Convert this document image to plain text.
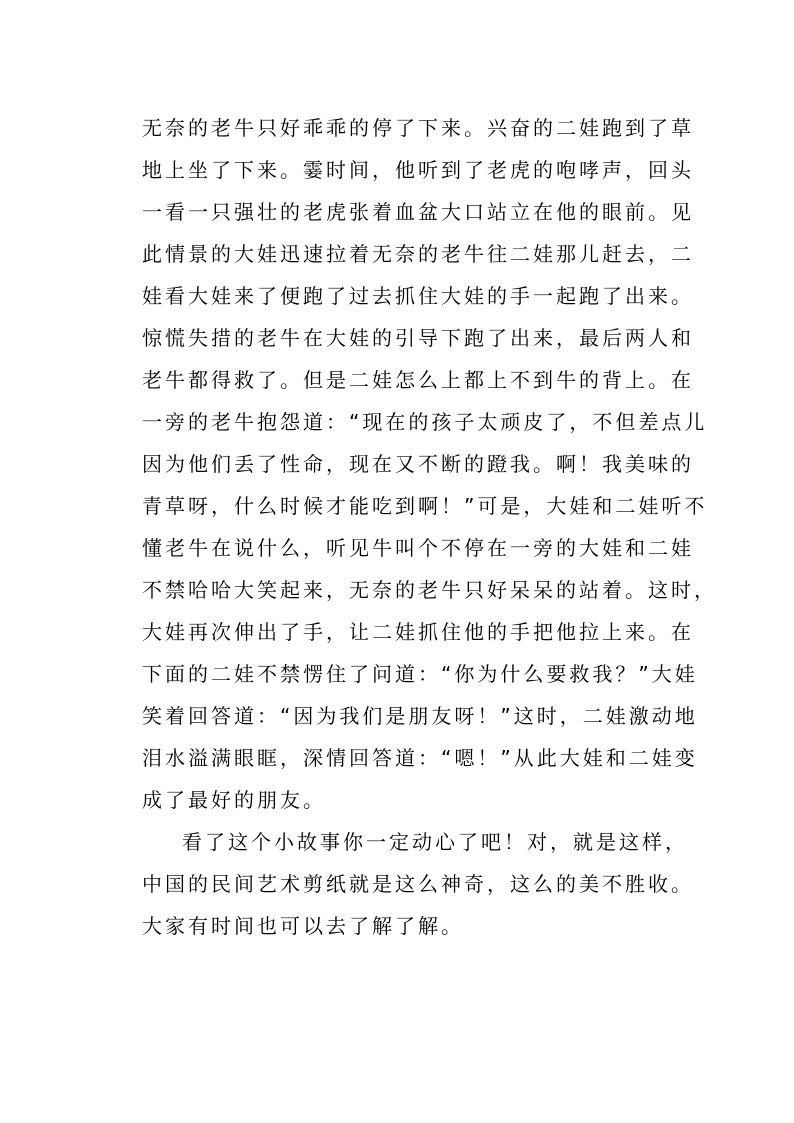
无奈的老牛只好乖乖的停了下来。兴奋的二娃跑到了草
地上坐了下来。霎时间，他听到了老虎的咆哮声，回头
一看一只强壮的老虎张着血盆大口站立在他的眼前。见
此情景的大娃迅速拉着无奈的老牛往二娃那儿赶去，二
娃看大娃来了便跑了过去抓住大娃的手一起跑了出来。
惊慌失措的老牛在大娃的引导下跑了出来，最后两人和
老牛都得救了。但是二娃怎么上都上不到牛的背上。在
一旁的老牛抱怨道：“现在的孩子太顽皮了，不但差点儿
因为他们丢了性命，现在又不断的蹬我。啊！我美味的
青草呀，什么时候才能吃到啊！”可是，大娃和二娃听不
懂老牛在说什么，听见牛叫个不停在一旁的大娃和二娃
不禁哈哈大笑起来，无奈的老牛只好呆呆的站着。这时，
大娃再次伸出了手，让二娃抓住他的手把他拉上来。在
下面的二娃不禁愣住了问道：“你为什么要救我？”大娃
笑着回答道：“因为我们是朋友呀！”这时，二娃激动地
泪水溢满眼眶，深情回答道：“嗯！”从此大娃和二娃变
成了最好的朋友。
看了这个小故事你一定动心了吧！对，就是这样，
中国的民间艺术剪纸就是这么神奇，这么的美不胜收。
大家有时间也可以去了解了解。
